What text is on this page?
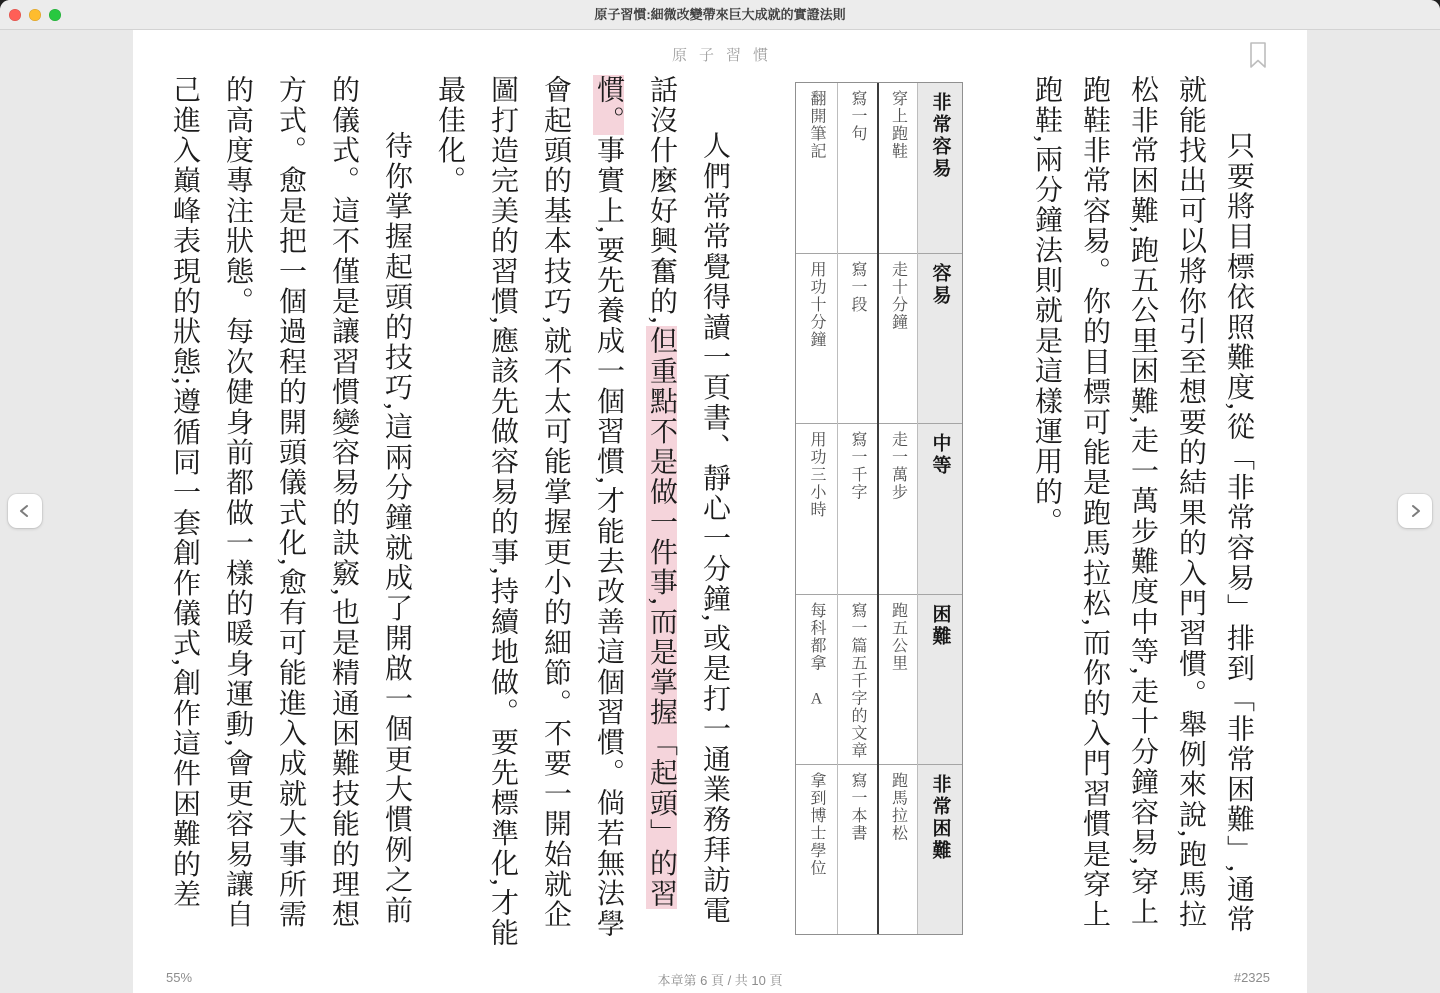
原子習慣:細微改變帶來巨大成就的實證法則
原子習慣

只要將目標依照難度,從「非常容易」排到「非常困難」,通常就能找出可以將你引至想要的結果的入門習慣。舉例來說,跑馬拉松非常困難,跑五公里困難,走一萬步難度中等,走十分鐘容易,穿上跑鞋非常容易。你的目標可能是跑馬拉松,而你的入門習慣是穿上跑鞋,兩分鐘法則就是這樣運用的。

翻開筆記
用功十分鐘
用功三小時
每科都拿 A
拿到博士學位
寫一句
寫一段
寫一千字
寫一篇五千字的文章
寫一本書
穿上跑鞋
走十分鐘
走一萬步
跑五公里
跑馬拉松
非常容易
容易
中等
困難
非常困難

人們常常覺得讀一頁書、靜心一分鐘,或是打一通業務拜訪電話沒什麼好興奮的,但重點不是做一件事,而是掌握「起頭」的習慣。事實上,要先養成一個習慣,才能去改善這個習慣。倘若無法學會起頭的基本技巧,就不太可能掌握更小的細節。不要一開始就企圖打造完美的習慣,應該先做容易的事,持續地做。要先標準化,才能最佳化。

待你掌握起頭的技巧,這兩分鐘就成了開啟一個更大慣例之前的儀式。這不僅是讓習慣變容易的訣竅,也是精通困難技能的理想方式。愈是把一個過程的開頭儀式化,愈有可能進入成就大事所需的高度專注狀態。每次健身前都做一樣的暖身運動,會更容易讓自己進入巔峰表現的狀態;遵循同一套創作儀式,創作這件困難的差

55%	本章第 6 頁 / 共 10 頁	#2325
